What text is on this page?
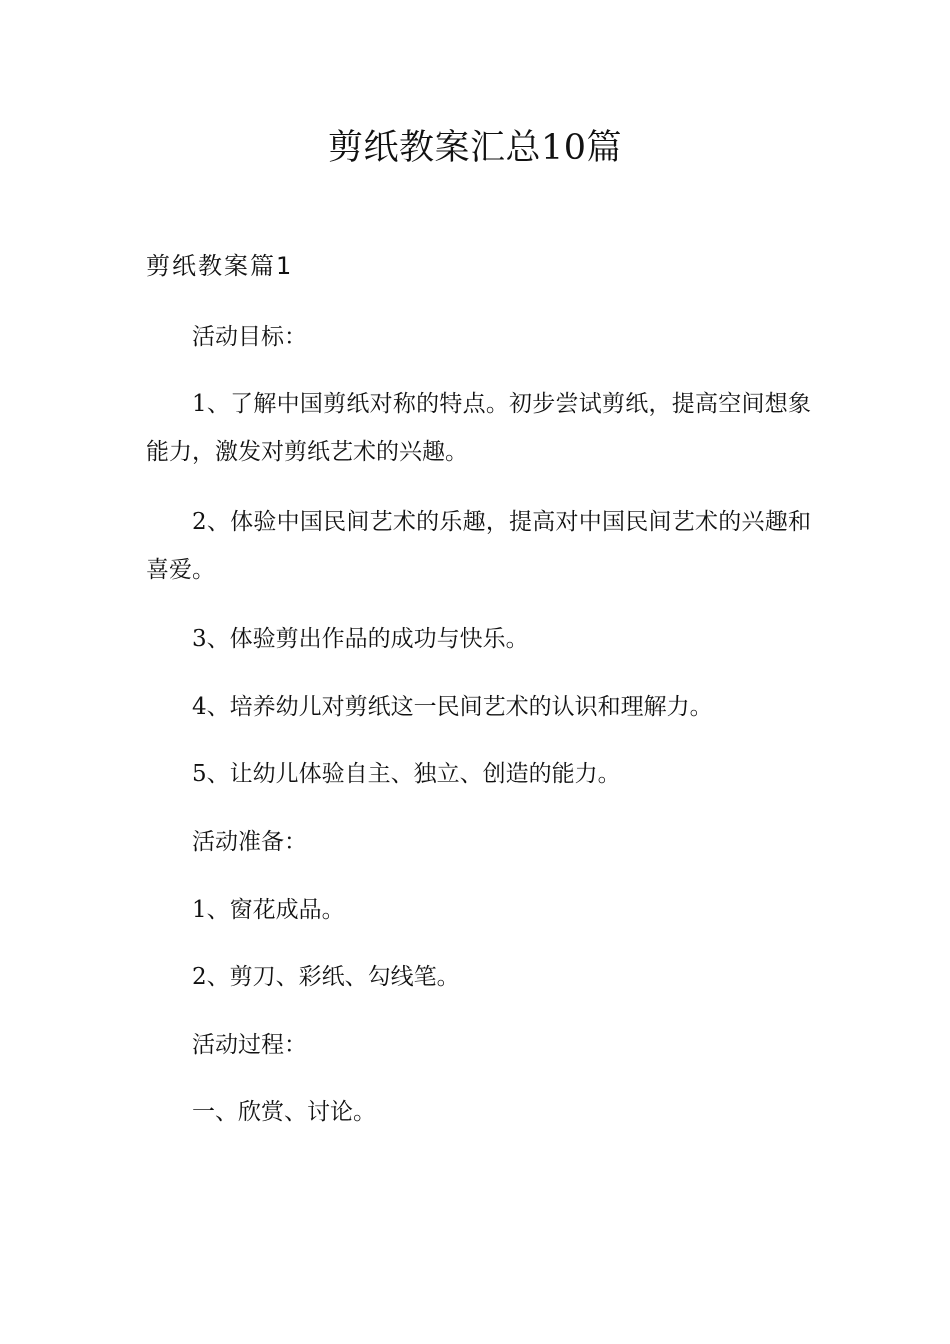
剪纸教案汇总10篇
剪纸教案篇1

活动目标：

1、了解中国剪纸对称的特点。初步尝试剪纸，提高空间想象能力，激发对剪纸艺术的兴趣。

2、体验中国民间艺术的乐趣，提高对中国民间艺术的兴趣和喜爱。

3、体验剪出作品的成功与快乐。

4、培养幼儿对剪纸这一民间艺术的认识和理解力。

5、让幼儿体验自主、独立、创造的能力。

活动准备：

1、窗花成品。

2、剪刀、彩纸、勾线笔。

活动过程：

一、欣赏、讨论。
